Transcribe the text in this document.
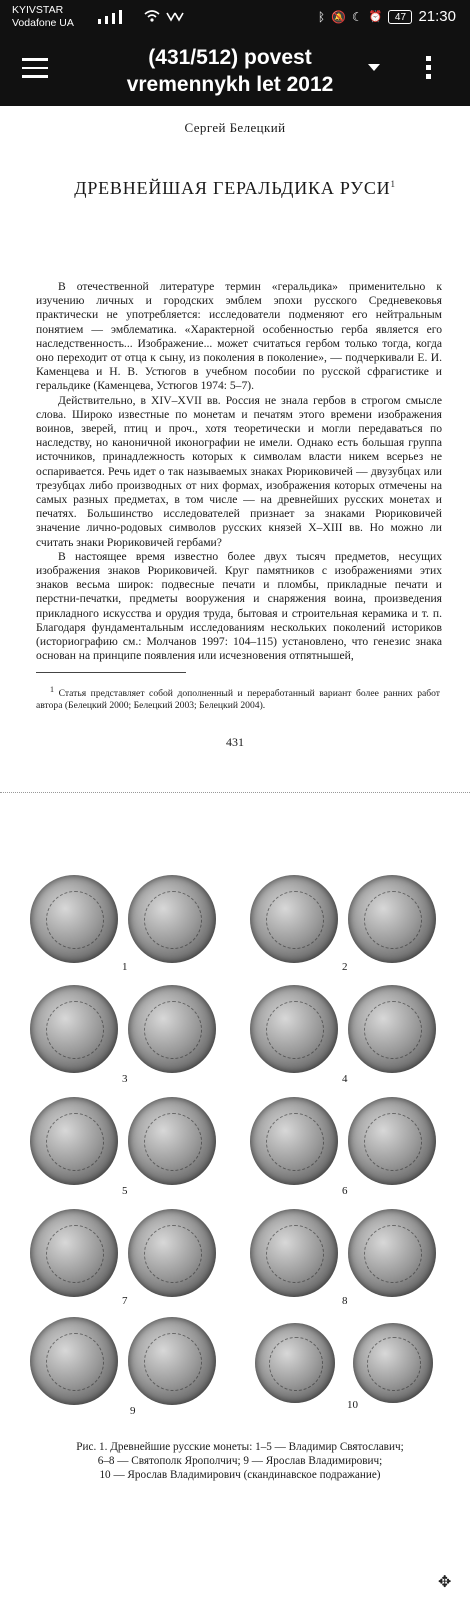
KYIVSTAR
Vodafone UA	ᛒ 🔕 ☾ ⏰	47 21:30
(431/512) povest
vremennykh let 2012
Сергей Белецкий
ДРЕВНЕЙШАЯ ГЕРАЛЬДИКА РУСИ$^1$

В отечественной литературе термин «геральдика» применительно к изучению личных и городских эмблем эпохи русского Средневековья практически не употребляется: исследователи подменяют его нейтральным понятием — эмблематика. «Характерной особенностью герба является его наследственность... Изображение... может считаться гербом только тогда, когда оно переходит от отца к сыну, из поколения в поколение», — подчеркивали Е. И. Каменцева и Н. В. Устюгов в учебном пособии по русской сфрагистике и геральдике (Каменцева, Устюгов 1974: 5–7).

Действительно, в XIV–XVII вв. Россия не знала гербов в строгом смысле слова. Широко известные по монетам и печатям этого времени изображения воинов, зверей, птиц и проч., хотя теоретически и могли передаваться по наследству, но каноничной иконографии не имели. Однако есть большая группа источников, принадлежность которых к символам власти никем всерьез не оспаривается. Речь идет о так называемых знаках Рюриковичей — двузубцах или трезубцах либо производных от них формах, изображения которых отмечены на самых разных предметах, в том числе — на древнейших русских монетах и печатях. Большинство исследователей признает за знаками Рюриковичей значение лично-родовых символов русских князей X–XIII вв. Но можно ли считать знаки Рюриковичей гербами?

В настоящее время известно более двух тысяч предметов, несущих изображения знаков Рюриковичей. Круг памятников с изображениями этих знаков весьма широк: подвесные печати и пломбы, прикладные печати и перстни-печатки, предметы вооружения и снаряжения воина, произведения прикладного искусства и орудия труда, бытовая и строительная керамика и т. п. Благодаря фундаментальным исследованиям нескольких поколений историков (историографию см.: Молчанов 1997: 104–115) установлено, что генезис знака основан на принципе появления или исчезновения отпятнышей,

$^1$ Статья представляет собой дополненный и переработанный вариант более ранних работ автора (Белецкий 2000; Белецкий 2003; Белецкий 2004).
431
1	2
3	4
5	6
7	8
9	10
Рис. 1. Древнейшие русские монеты: 1–5 — Владимир Святославич;
6–8 — Святополк Ярополчич; 9 — Ярослав Владимирович;
10 — Ярослав Владимирович (скандинавское подражание)
✥
